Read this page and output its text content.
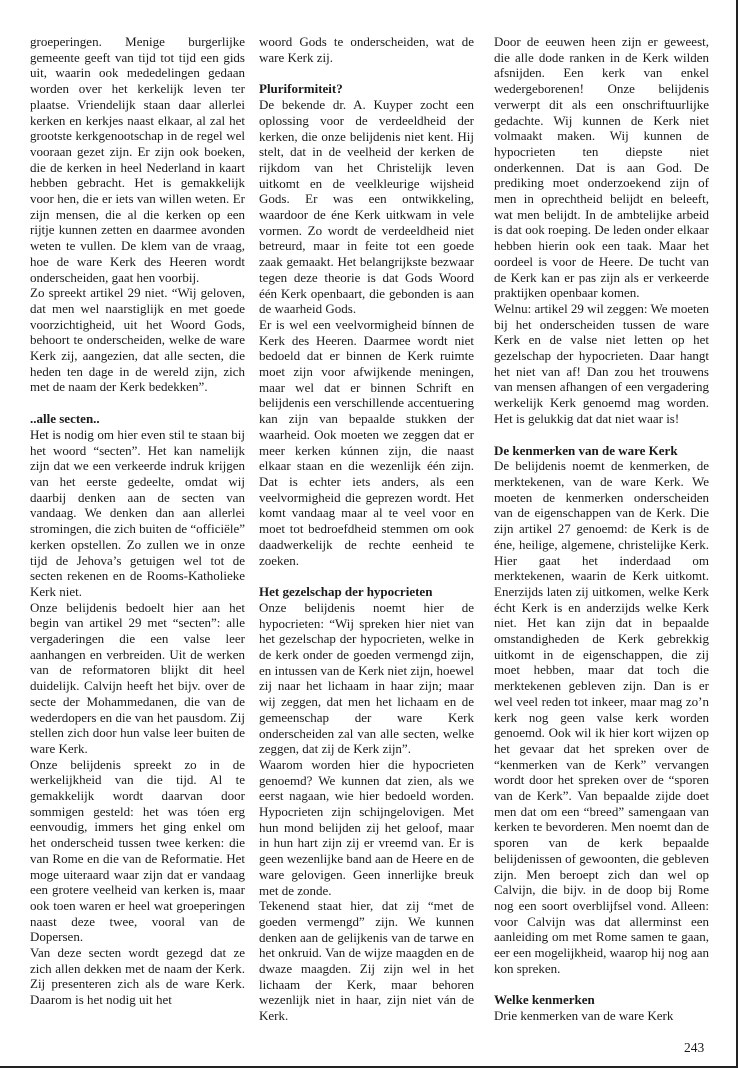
groeperingen. Menige burgerlijke gemeente geeft van tijd tot tijd een gids uit, waarin ook mededelingen gedaan worden over het kerkelijk leven ter plaatse. Vriendelijk staan daar allerlei kerken en kerkjes naast elkaar, al zal het grootste kerkgenootschap in de regel wel vooraan gezet zijn. Er zijn ook boeken, die de kerken in heel Nederland in kaart hebben gebracht. Het is gemakkelijk voor hen, die er iets van willen weten. Er zijn mensen, die al die kerken op een rijtje kunnen zetten en daarmee avonden weten te vullen. De klem van de vraag, hoe de ware Kerk des Heeren wordt onderscheiden, gaat hen voorbij.

Zo spreekt artikel 29 niet. “Wij geloven, dat men wel naarstiglijk en met goede voorzichtigheid, uit het Woord Gods, behoort te onderscheiden, welke de ware Kerk zij, aangezien, dat alle secten, die heden ten dage in de wereld zijn, zich met de naam der Kerk bedekken”.

..alle secten..

Het is nodig om hier even stil te staan bij het woord “secten”. Het kan namelijk zijn dat we een verkeerde indruk krijgen van het eerste gedeelte, omdat wij daarbij denken aan de secten van vandaag. We denken dan aan allerlei stromingen, die zich buiten de “officiële” kerken opstellen. Zo zullen we in onze tijd de Jehova’s getuigen wel tot de secten rekenen en de Rooms-Katholieke Kerk niet.

Onze belijdenis bedoelt hier aan het begin van artikel 29 met “secten”: alle vergaderingen die een valse leer aanhangen en verbreiden. Uit de werken van de reformatoren blijkt dit heel duidelijk. Calvijn heeft het bijv. over de secte der Mohammedanen, die van de wederdopers en die van het pausdom. Zij stellen zich door hun valse leer buiten de ware Kerk.

Onze belijdenis spreekt zo in de werkelijkheid van die tijd. Al te gemakkelijk wordt daarvan door sommigen gesteld: het was tóen erg eenvoudig, immers het ging enkel om het onderscheid tussen twee kerken: die van Rome en die van de Reformatie. Het moge uiteraard waar zijn dat er vandaag een grotere veelheid van kerken is, maar ook toen waren er heel wat groeperingen naast deze twee, vooral van de Dopersen.

Van deze secten wordt gezegd dat ze zich allen dekken met de naam der Kerk. Zij presenteren zich als de ware Kerk. Daarom is het nodig uit het

woord Gods te onderscheiden, wat de ware Kerk zij.

Pluriformiteit?

De bekende dr. A. Kuyper zocht een oplossing voor de verdeeldheid der kerken, die onze belijdenis niet kent. Hij stelt, dat in de veelheid der kerken de rijkdom van het Christelijk leven uitkomt en de veelkleurige wijsheid Gods. Er was een ontwikkeling, waardoor de éne Kerk uitkwam in vele vormen. Zo wordt de verdeeldheid niet betreurd, maar in feite tot een goede zaak gemaakt. Het belangrijkste bezwaar tegen deze theorie is dat Gods Woord één Kerk openbaart, die gebonden is aan de waarheid Gods.

Er is wel een veelvormigheid bínnen de Kerk des Heeren. Daarmee wordt niet bedoeld dat er binnen de Kerk ruimte moet zijn voor afwijkende meningen, maar wel dat er binnen Schrift en belijdenis een verschillende accentuering kan zijn van bepaalde stukken der waarheid. Ook moeten we zeggen dat er meer kerken kúnnen zijn, die naast elkaar staan en die wezenlijk één zijn. Dat is echter iets anders, als een veelvormigheid die geprezen wordt. Het komt vandaag maar al te veel voor en moet tot bedroefdheid stemmen om ook daadwerkelijk de rechte eenheid te zoeken.

Het gezelschap der hypocrieten

Onze belijdenis noemt hier de hypocrieten: “Wij spreken hier niet van het gezelschap der hypocrieten, welke in de kerk onder de goeden vermengd zijn, en intussen van de Kerk niet zijn, hoewel zij naar het lichaam in haar zijn; maar wij zeggen, dat men het lichaam en de gemeenschap der ware Kerk onderscheiden zal van alle secten, welke zeggen, dat zij de Kerk zijn”.

Waarom worden hier die hypocrieten genoemd? We kunnen dat zien, als we eerst nagaan, wie hier bedoeld worden. Hypocrieten zijn schijngelovigen. Met hun mond belijden zij het geloof, maar in hun hart zijn zij er vreemd van. Er is geen wezenlijke band aan de Heere en de ware gelovigen. Geen innerlijke breuk met de zonde.

Tekenend staat hier, dat zij “met de goeden vermengd” zijn. We kunnen denken aan de gelijkenis van de tarwe en het onkruid. Van de wijze maagden en de dwaze maagden. Zij zijn wel in het lichaam der Kerk, maar behoren wezenlijk niet in haar, zijn niet ván de Kerk.

Door de eeuwen heen zijn er geweest, die alle dode ranken in de Kerk wilden afsnijden. Een kerk van enkel wedergeborenen! Onze belijdenis verwerpt dit als een onschriftuurlijke gedachte. Wij kunnen de Kerk niet volmaakt maken. Wij kunnen de hypocrieten ten diepste niet onderkennen. Dat is aan God. De prediking moet onderzoekend zijn of men in oprechtheid belijdt en beleeft, wat men belijdt. In de ambtelijke arbeid is dat ook roeping. De leden onder elkaar hebben hierin ook een taak. Maar het oordeel is voor de Heere. De tucht van de Kerk kan er pas zijn als er verkeerde praktijken openbaar komen.

Welnu: artikel 29 wil zeggen: We moeten bij het onderscheiden tussen de ware Kerk en de valse niet letten op het gezelschap der hypocrieten. Daar hangt het niet van af! Dan zou het trouwens van mensen afhangen of een vergadering werkelijk Kerk genoemd mag worden. Het is gelukkig dat dat niet waar is!

De kenmerken van de ware Kerk

De belijdenis noemt de kenmerken, de merktekenen, van de ware Kerk. We moeten de kenmerken onderscheiden van de eigenschappen van de Kerk. Die zijn artikel 27 genoemd: de Kerk is de éne, heilige, algemene, christelijke Kerk. Hier gaat het inderdaad om merktekenen, waarin de Kerk uitkomt. Enerzijds laten zij uitkomen, welke Kerk écht Kerk is en anderzijds welke Kerk niet. Het kan zijn dat in bepaalde omstandigheden de Kerk gebrekkig uitkomt in de eigenschappen, die zij moet hebben, maar dat toch die merktekenen gebleven zijn. Dan is er wel veel reden tot inkeer, maar mag zo’n kerk nog geen valse kerk worden genoemd. Ook wil ik hier kort wijzen op het gevaar dat het spreken over de “kenmerken van de Kerk” vervangen wordt door het spreken over de “sporen van de Kerk”. Van bepaalde zijde doet men dat om een “breed” samengaan van kerken te bevorderen. Men noemt dan de sporen van de kerk bepaalde belijdenissen of gewoonten, die gebleven zijn. Men beroept zich dan wel op Calvijn, die bijv. in de doop bij Rome nog een soort overblijfsel vond. Alleen: voor Calvijn was dat allerminst een aanleiding om met Rome samen te gaan, eer een mogelijkheid, waarop hij nog aan kon spreken.

Welke kenmerken

Drie kenmerken van de ware Kerk

243
